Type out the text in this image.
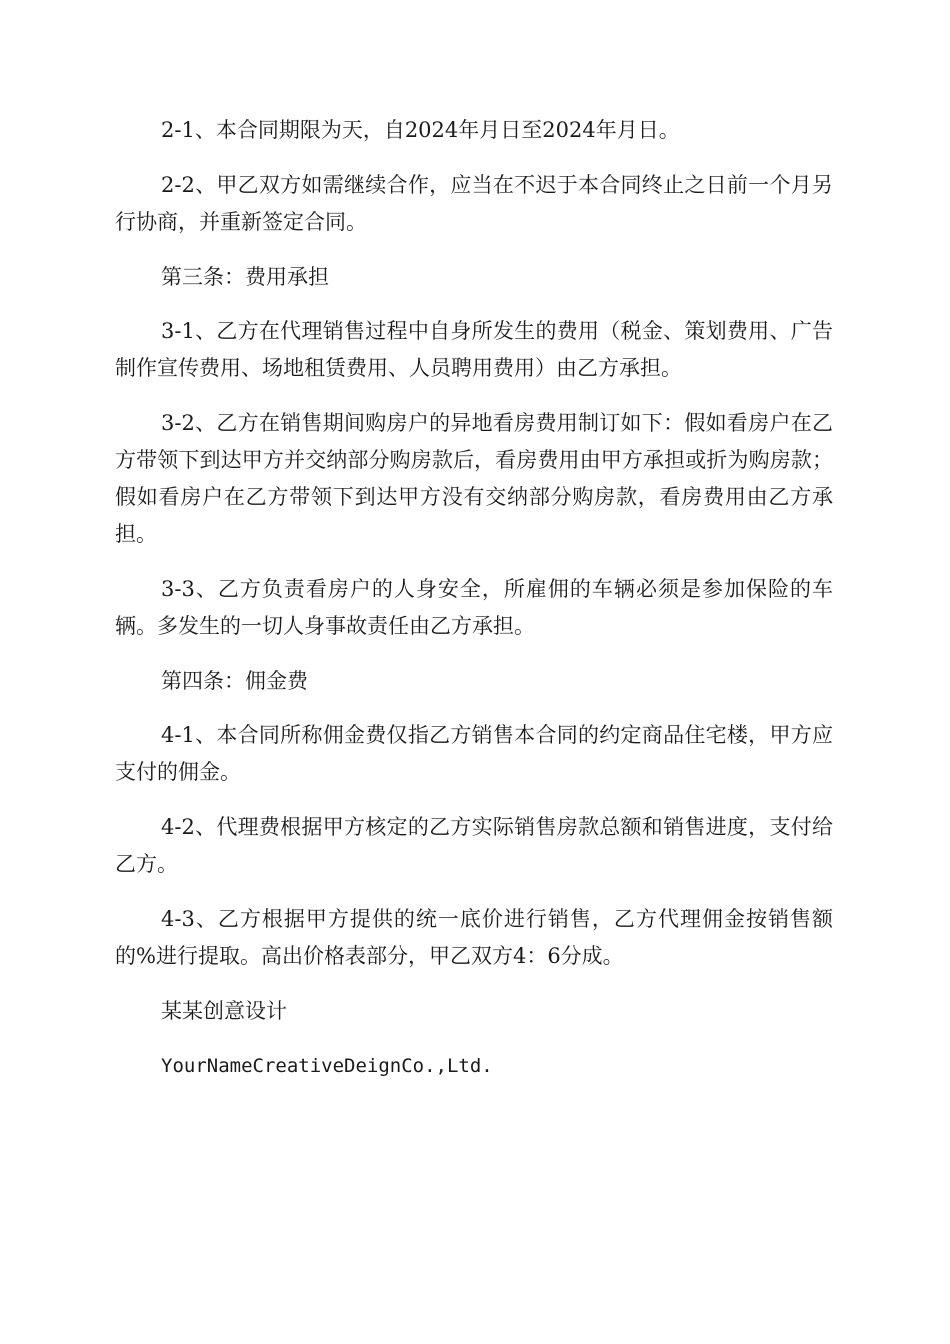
2-1、本合同期限为天，自2024年月日至2024年月日。

2-2、甲乙双方如需继续合作，应当在不迟于本合同终止之日前一个月另行协商，并重新签定合同。

第三条：费用承担

3-1、乙方在代理销售过程中自身所发生的费用（税金、策划费用、广告制作宣传费用、场地租赁费用、人员聘用费用）由乙方承担。

3-2、乙方在销售期间购房户的异地看房费用制订如下：假如看房户在乙方带领下到达甲方并交纳部分购房款后，看房费用由甲方承担或折为购房款；假如看房户在乙方带领下到达甲方没有交纳部分购房款，看房费用由乙方承担。

3-3、乙方负责看房户的人身安全，所雇佣的车辆必须是参加保险的车辆。多发生的一切人身事故责任由乙方承担。

第四条：佣金费

4-1、本合同所称佣金费仅指乙方销售本合同的约定商品住宅楼，甲方应支付的佣金。

4-2、代理费根据甲方核定的乙方实际销售房款总额和销售进度，支付给乙方。

4-3、乙方根据甲方提供的统一底价进行销售，乙方代理佣金按销售额的%进行提取。高出价格表部分，甲乙双方4：6分成。

某某创意设计

YourNameCreativeDeignCo.,Ltd.
